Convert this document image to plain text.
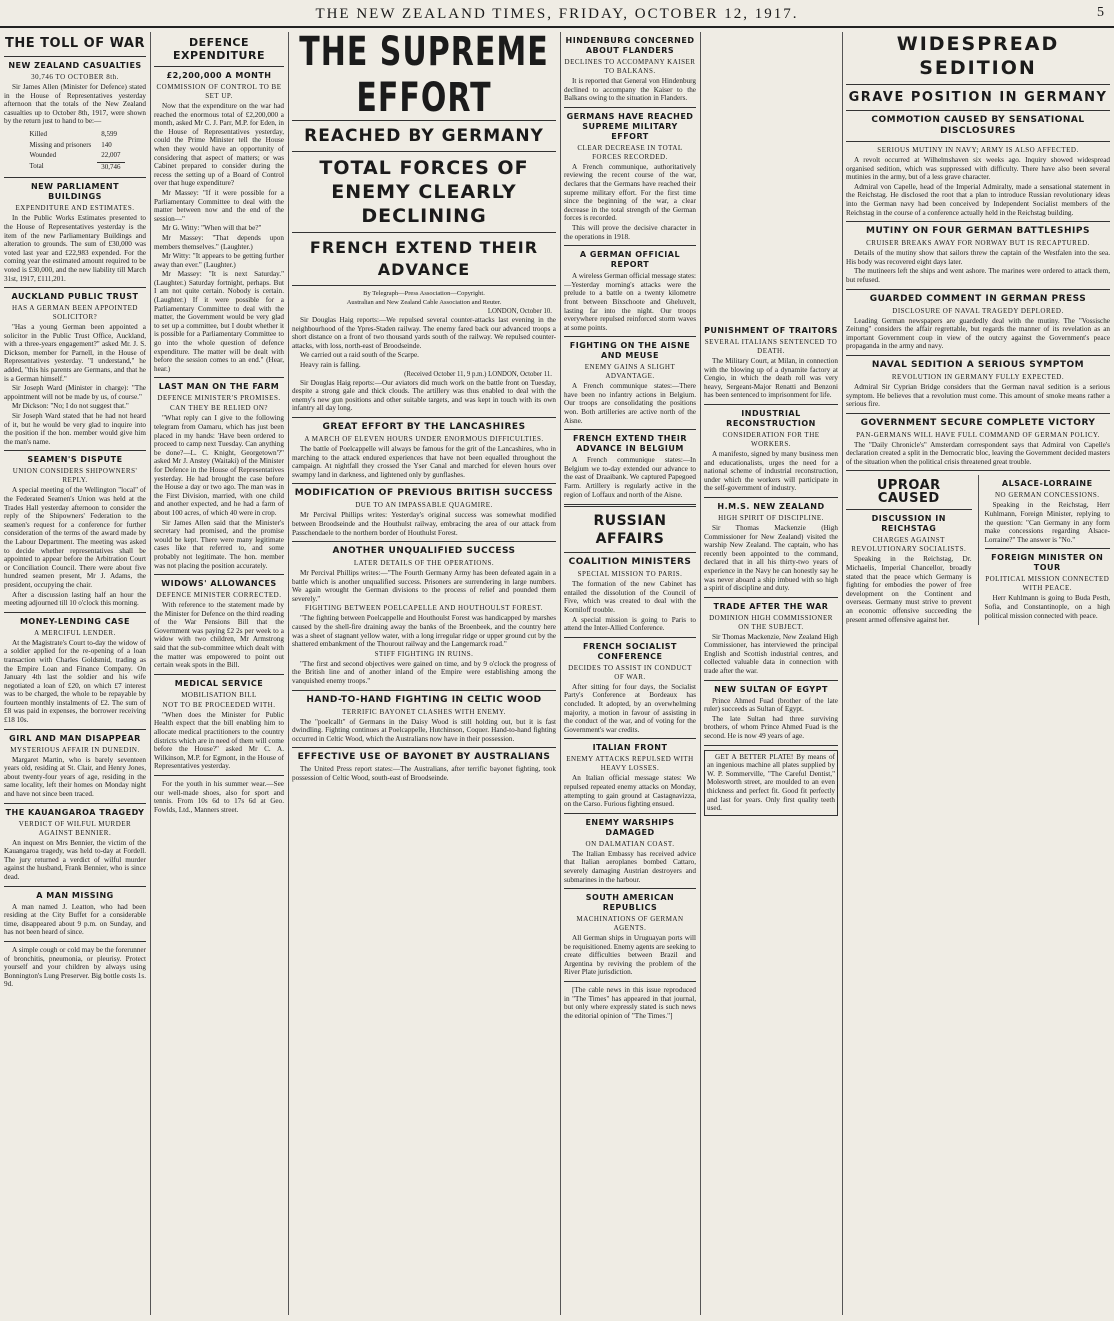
THE NEW ZEALAND TIMES, FRIDAY, OCTOBER 12, 1917.	5
THE TOLL OF WAR
NEW ZEALAND CASUALTIES
30,746 TO OCTOBER 8th.
Sir James Allen (Minister for Defence) stated in the House of Representatives yesterday afternoon that the totals of the New Zealand casualties up to October 8th, 1917, were shown by the return just to hand to be:—
Killed	8,599
Missing and prisoners	140
Wounded	22,007
Total	30,746
NEW PARLIAMENT BUILDINGS
EXPENDITURE AND ESTIMATES.
In the Public Works Estimates presented to the House of Representatives yesterday is the item of the new Parliamentary Buildings and alteration to grounds. The sum of £30,000 was voted last year and £22,983 expended. For the coming year the estimated amount required to be voted is £30,000, and the new liability till March 31st, 1917, £111,201.
AUCKLAND PUBLIC TRUST
HAS A GERMAN BEEN APPOINTED SOLICITOR?
"Has a young German been appointed a solicitor in the Public Trust Office, Auckland, with a three-years engagement?" asked Mr. J. S. Dickson, member for Parnell, in the House of Representatives yesterday. "I understand," he added, "this his parents are Germans, and that he is a German himself."
Sir Joseph Ward (Minister in charge): "The appointment will not be made by us, of course."
Mr Dickson: "No; I do not suggest that."
Sir Joseph Ward stated that he had not heard of it, but he would be very glad to inquire into the position if the hon. member would give him the man's name.
SEAMEN'S DISPUTE
UNION CONSIDERS SHIPOWNERS' REPLY.
A special meeting of the Wellington "local" of the Federated Seamen's Union was held at the Trades Hall yesterday afternoon to consider the reply of the Shipowners' Federation to the seamen's request for a conference for further consideration of the terms of the award made by the Labour Department. The meeting was asked to decide whether representatives shall be appointed to appear before the Arbitration Court or Conciliation Council. There were about five hundred seamen present, Mr J. Adams, the president, occupying the chair.
After a discussion lasting half an hour the meeting adjourned till 10 o'clock this morning.
MONEY-LENDING CASE
A MERCIFUL LENDER.
At the Magistrate's Court to-day the widow of a soldier applied for the re-opening of a loan transaction with Charles Goldsmid, trading as the Empire Loan and Finance Company. On January 4th last the soldier and his wife negotiated a loan of £20, on which £7 interest was to be charged, the whole to be repayable by fourteen monthly instalments of £2. The sum of £8 was paid in expenses, the borrower receiving £18 10s.
GIRL AND MAN DISAPPEAR
MYSTERIOUS AFFAIR IN DUNEDIN.
Margaret Martin, who is barely seventeen years old, residing at St. Clair, and Henry Jones, about twenty-four years of age, residing in the same locality, left their homes on Monday night and have not since been traced.
THE KAUANGAROA TRAGEDY
VERDICT OF WILFUL MURDER AGAINST BENNIER.
An inquest on Mrs Bennier, the victim of the Kauangaroa tragedy, was held to-day at Fordell. The jury returned a verdict of wilful murder against the husband, Frank Bennier, who is since dead.
A MAN MISSING
A man named J. Leatton, who had been residing at the City Buffet for a considerable time, disappeared about 9 p.m. on Sunday, and has not been heard of since.
A simple cough or cold may be the forerunner of bronchitis, pneumonia, or pleurisy. Protect yourself and your children by always using Bonnington's Lung Preserver. Big bottle costs 1s. 9d.
DEFENCE EXPENDITURE
£2,200,000 A MONTH
COMMISSION OF CONTROL TO BE SET UP.
Now that the expenditure on the war had reached the enormous total of £2,200,000 a month, asked Mr C. J. Parr, M.P. for Eden, in the House of Representatives yesterday, could the Prime Minister tell the House when they would have an opportunity of considering that aspect of matters; or was Cabinet prepared to consider during the recess the setting up of a Board of Control over that huge expenditure?
Mr Massey: "If it were possible for a Parliamentary Committee to deal with the matter between now and the end of the session—"
Mr G. Witty: "When will that be?"
Mr Massey: "That depends upon members themselves." (Laughter.)
Mr Witty: "It appears to be getting further away than ever." (Laughter.)
Mr Massey: "It is next Saturday." (Laughter.) Saturday fortnight, perhaps. But I am not quite certain. Nobody is certain. (Laughter.) If it were possible for a Parliamentary Committee to deal with the matter, the Government would be very glad to set up a committee, but I doubt whether it is possible for a Parliamentary Committee to go into the whole question of defence expenditure. The matter will be dealt with before the session comes to an end." (Hear, hear.)
LAST MAN ON THE FARM
DEFENCE MINISTER'S PROMISES.
CAN THEY BE RELIED ON?
"What reply can I give to the following telegram from Oamaru, which has just been placed in my hands: 'Have been ordered to proceed to camp next Tuesday. Can anything be done?—L. C. Knight, Georgetown'?" asked Mr J. Anstey (Waitaki) of the Minister for Defence in the House of Representatives yesterday. He had brought the case before the House a day or two ago. The man was in the First Division, married, with one child and another expected, and he had a farm of about 100 acres, of which 40 were in crop.
Sir James Allen said that the Minister's secretary had promised, and the promise would be kept. There were many legitimate cases like that referred to, and some probably not legitimate. The hon. member was not placing the position accurately.
WIDOWS' ALLOWANCES
DEFENCE MINISTER CORRECTED.
With reference to the statement made by the Minister for Defence on the third reading of the War Pensions Bill that the Government was paying £2 2s per week to a widow with two children, Mr Armstrong said that the sub-committee which dealt with the matter was empowered to point out certain weak spots in the Bill.
MEDICAL SERVICE
MOBILISATION BILL
NOT TO BE PROCEEDED WITH.
"When does the Minister for Public Health expect that the bill enabling him to allocate medical practitioners to the country districts which are in need of them will come before the House?" asked Mr C. A. Wilkinson, M.P. for Egmont, in the House of Representatives yesterday.
For the youth in his summer wear.—See our well-made shoes, also for sport and tennis. From 10s 6d to 17s 6d at Geo. Fowlds, Ltd., Manners street.
THE SUPREME EFFORT
REACHED BY GERMANY
TOTAL FORCES OF ENEMY CLEARLY DECLINING
FRENCH EXTEND THEIR ADVANCE
By Telegraph—Press Association—Copyright.
Australian and New Zealand Cable Association and Reuter.
LONDON, October 10.
Sir Douglas Haig reports:—We repulsed several counter-attacks last evening in the neighbourhood of the Ypres-Staden railway. The enemy fared back our advanced troops a short distance on a front of two thousand yards south of the railway. We repulsed counter-attacks, with loss, north-east of Broodseinde.
We carried out a raid south of the Scarpe.
Heavy rain is falling.
(Received October 11, 9 p.m.) LONDON, October 11.
Sir Douglas Haig reports:—Our aviators did much work on the battle front on Tuesday, despite a strong gale and thick clouds. The artillery was thus enabled to deal with the enemy's new gun positions and other suitable targets, and was kept in touch with its own infantry all day long.
GREAT EFFORT BY THE LANCASHIRES
A MARCH OF ELEVEN HOURS UNDER ENORMOUS DIFFICULTIES.
The battle of Poelcappelle will always be famous for the grit of the Lancashires, who in marching to the attack endured experiences that have not been equalled throughout the campaign. At nightfall they crossed the Yser Canal and marched for eleven hours over swampy land in darkness, and lightened only by gunflashes.
MODIFICATION OF PREVIOUS BRITISH SUCCESS
DUE TO AN IMPASSABLE QUAGMIRE.
Mr Percival Phillips writes: Yesterday's original success was somewhat modified between Broodseinde and the Houthulst railway, embracing the area of our attack from Passchendaele to the northern border of Houthulst Forest.
ANOTHER UNQUALIFIED SUCCESS
LATER DETAILS OF THE OPERATIONS.
Mr Percival Phillips writes:—"The Fourth Germany Army has been defeated again in a battle which is another unqualified success. Prisoners are surrendering in large numbers. We again wrought the German divisions to the process of relief and pounded them severely."
FIGHTING BETWEEN POELCAPELLE AND HOUTHOULST FOREST.
"The fighting between Poelcappelle and Houthoulst Forest was handicapped by marshes caused by the shell-fire draining away the banks of the Broenbeek, and the country here was a sheet of stagnant yellow water, with a long irregular ridge or upper ground cut by the shattered embankment of the Thourout railway and the Langemarck road."
STIFF FIGHTING IN RUINS.
"The first and second objectives were gained on time, and by 9 o'clock the progress of the British line and of another inland of the Empire were establishing among the vanquished enemy troops."
HAND-TO-HAND FIGHTING IN CELTIC WOOD
TERRIFIC BAYONET CLASHES WITH ENEMY.
The "poelcallt" of Germans in the Daisy Wood is still holding out, but it is fast dwindling. Fighting continues at Poelcappelle, Hutchinson, Coquer. Hand-to-hand fighting occurred in Celtic Wood, which the Australians now have in their possession.
EFFECTIVE USE OF BAYONET BY AUSTRALIANS
The United Press report states:—The Australians, after terrific bayonet fighting, took possession of Celtic Wood, south-east of Broodseinde.
HINDENBURG CONCERNED ABOUT FLANDERS
DECLINES TO ACCOMPANY KAISER TO BALKANS.
It is reported that General von Hindenburg declined to accompany the Kaiser to the Balkans owing to the situation in Flanders.
GERMANS HAVE REACHED SUPREME MILITARY EFFORT
CLEAR DECREASE IN TOTAL FORCES RECORDED.
A French communique, authoritatively reviewing the recent course of the war, declares that the Germans have reached their supreme military effort. For the first time since the beginning of the war, a clear decrease in the total strength of the German forces is recorded.
This will prove the decisive character in the operations in 1918.
A GERMAN OFFICIAL REPORT
A wireless German official message states:—Yesterday morning's attacks were the prelude to a battle on a twenty kilometre front between Bixschoote and Gheluvelt, lasting far into the night. Our troops everywhere repulsed reinforced storm waves at some points.
FIGHTING ON THE AISNE AND MEUSE
ENEMY GAINS A SLIGHT ADVANTAGE.
A French communique states:—There have been no infantry actions in Belgium. Our troops are consolidating the positions won. Both artilleries are active north of the Aisne.
FRENCH EXTEND THEIR ADVANCE IN BELGIUM
A French communique states:—In Belgium we to-day extended our advance to the east of Draaibank. We captured Papegoed Farm. Artillery is regularly active in the region of Loffaux and north of the Aisne.
RUSSIAN AFFAIRS
COALITION MINISTERS
SPECIAL MISSION TO PARIS.
The formation of the new Cabinet has entailed the dissolution of the Council of Five, which was created to deal with the Korniloff trouble.
A special mission is going to Paris to attend the Inter-Allied Conference.
FRENCH SOCIALIST CONFERENCE
DECIDES TO ASSIST IN CONDUCT OF WAR.
After sitting for four days, the Socialist Party's Conference at Bordeaux has concluded. It adopted, by an overwhelming majority, a motion in favour of assisting in the conduct of the war, and of voting for the Government's war credits.
ITALIAN FRONT
ENEMY ATTACKS REPULSED WITH HEAVY LOSSES.
An Italian official message states: We repulsed repeated enemy attacks on Monday, attempting to gain ground at Castagnavizza, on the Carso. Furious fighting ensued.
ENEMY WARSHIPS DAMAGED
ON DALMATIAN COAST.
The Italian Embassy has received advice that Italian aeroplanes bombed Cattaro, severely damaging Austrian destroyers and submarines in the harbour.
SOUTH AMERICAN REPUBLICS
MACHINATIONS OF GERMAN AGENTS.
All German ships in Uruguayan ports will be requisitioned. Enemy agents are seeking to create difficulties between Brazil and Argentina by reviving the problem of the River Plate jurisdiction.
[The cable news in this issue reproduced in "The Times" has appeared in that journal, but only where expressly stated is such news the editorial opinion of "The Times."]
PUNISHMENT OF TRAITORS
SEVERAL ITALIANS SENTENCED TO DEATH.
The Military Court, at Milan, in connection with the blowing up of a dynamite factory at Cengio, in which the death roll was very heavy, Sergeant-Major Renatti and Benzoni has been sentenced to imprisonment for life.
INDUSTRIAL RECONSTRUCTION
CONSIDERATION FOR THE WORKERS.
A manifesto, signed by many business men and educationalists, urges the need for a national scheme of industrial reconstruction, under which the workers will participate in the self-government of industry.
H.M.S. NEW ZEALAND
HIGH SPIRIT OF DISCIPLINE.
Sir Thomas Mackenzie (High Commissioner for New Zealand) visited the warship New Zealand. The captain, who has recently been appointed to the command, declared that in all his thirty-two years of experience in the Navy he can honestly say he was never aboard a ship imbued with so high a spirit of discipline and duty.
TRADE AFTER THE WAR
DOMINION HIGH COMMISSIONER ON THE SUBJECT.
Sir Thomas Mackenzie, New Zealand High Commissioner, has interviewed the principal English and Scottish industrial centres, and collected valuable data in connection with trade after the war.
NEW SULTAN OF EGYPT
Prince Ahmed Fuad (brother of the late ruler) succeeds as Sultan of Egypt.
The late Sultan had three surviving brothers, of whom Prince Ahmed Fuad is the second. He is now 49 years of age.
GET A BETTER PLATE! By means of an ingenious machine all plates supplied by W. P. Sommerville, "The Careful Dentist," Molesworth street, are moulded to an even thickness and perfect fit. Good fit perfectly and last for years. Only first quality teeth used.
WIDESPREAD SEDITION
GRAVE POSITION IN GERMANY
COMMOTION CAUSED BY SENSATIONAL DISCLOSURES
SERIOUS MUTINY IN NAVY; ARMY IS ALSO AFFECTED.
A revolt occurred at Wilhelmshaven six weeks ago. Inquiry showed widespread organised sedition, which was suppressed with difficulty. There have also been several mutinies in the army, but of a less grave character.
Admiral von Capelle, head of the Imperial Admiralty, made a sensational statement in the Reichstag. He disclosed the root that a plan to introduce Russian revolutionary ideas into the German navy had been conceived by Independent Socialist members of the Reichstag in the course of a conference actually held in the Reichstag building.
MUTINY ON FOUR GERMAN BATTLESHIPS
CRUISER BREAKS AWAY FOR NORWAY BUT IS RECAPTURED.
Details of the mutiny show that sailors threw the captain of the Westfalen into the sea. His body was recovered eight days later.
The mutineers left the ships and went ashore. The marines were ordered to attack them, but refused.
GUARDED COMMENT IN GERMAN PRESS
DISCLOSURE OF NAVAL TRAGEDY DEPLORED.
Leading German newspapers are guardedly deal with the mutiny. The "Vossische Zeitung" considers the affair regrettable, but regards the manner of its revelation as an important Government coup in view of the outcry against the Government's peace propaganda in the army and navy.
NAVAL SEDITION A SERIOUS SYMPTOM
REVOLUTION IN GERMANY FULLY EXPECTED.
Admiral Sir Cyprian Bridge considers that the German naval sedition is a serious symptom. He believes that a revolution must come. This amount of smoke means rather a serious fire.
GOVERNMENT SECURE COMPLETE VICTORY
PAN-GERMANS WILL HAVE FULL COMMAND OF GERMAN POLICY.
The "Daily Chronicle's" Amsterdam correspondent says that Admiral von Capelle's declaration created a split in the Democratic bloc, leaving the Government decided masters of the situation when the political crisis threatened great trouble.
UPROAR CAUSED
DISCUSSION IN REICHSTAG
CHARGES AGAINST REVOLUTIONARY SOCIALISTS.
Speaking in the Reichstag, Dr. Michaelis, Imperial Chancellor, broadly stated that the peace which Germany is fighting for embodies the power of free development on the Continent and overseas. Germany must strive to prevent an economic offensive succeeding the present armed offensive against her.
ALSACE-LORRAINE
NO GERMAN CONCESSIONS.
Speaking in the Reichstag, Herr Kuhlmann, Foreign Minister, replying to the question: "Can Germany in any form make concessions regarding Alsace-Lorraine?" The answer is "No."
FOREIGN MINISTER ON TOUR
POLITICAL MISSION CONNECTED WITH PEACE.
Herr Kuhlmann is going to Buda Pesth, Sofia, and Constantinople, on a high political mission connected with peace.
